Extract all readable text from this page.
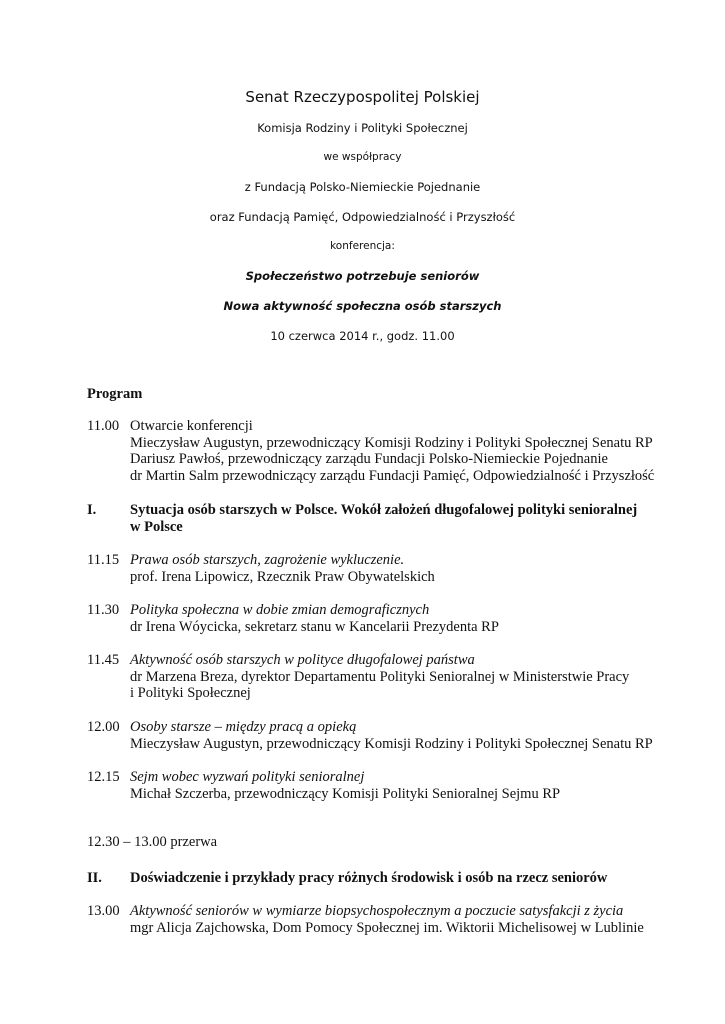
Senat Rzeczypospolitej Polskiej
Komisja Rodziny i Polityki Społecznej
we współpracy
z Fundacją Polsko-Niemieckie Pojednanie
oraz Fundacją Pamięć, Odpowiedzialność i Przyszłość
konferencja:
Społeczeństwo potrzebuje seniorów
Nowa aktywność społeczna osób starszych
10 czerwca 2014 r., godz. 11.00
Program
11.00 Otwarcie konferencji
Mieczysław Augustyn, przewodniczący Komisji Rodziny i Polityki Społecznej Senatu RP
Dariusz Pawłoś, przewodniczący zarządu Fundacji Polsko-Niemieckie Pojednanie
dr Martin Salm przewodniczący zarządu Fundacji Pamięć, Odpowiedzialność i Przyszłość
I. Sytuacja osób starszych w Polsce. Wokół założeń długofalowej polityki senioralnej
w Polsce
11.15 Prawa osób starszych, zagrożenie wykluczenie.
prof. Irena Lipowicz, Rzecznik Praw Obywatelskich
11.30 Polityka społeczna w dobie zmian demograficznych
dr Irena Wóycicka, sekretarz stanu w Kancelarii Prezydenta RP
11.45 Aktywność osób starszych w polityce długofalowej państwa
dr Marzena Breza, dyrektor Departamentu Polityki Senioralnej w Ministerstwie Pracy
i Polityki Społecznej
12.00 Osoby starsze – między pracą a opieką
Mieczysław Augustyn, przewodniczący Komisji Rodziny i Polityki Społecznej Senatu RP
12.15 Sejm wobec wyzwań polityki senioralnej
Michał Szczerba, przewodniczący Komisji Polityki Senioralnej Sejmu RP
12.30 – 13.00 przerwa
II. Doświadczenie i przykłady pracy różnych środowisk i osób na rzecz seniorów
13.00 Aktywność seniorów w wymiarze biopsychospołecznym a poczucie satysfakcji z życia
mgr Alicja Zajchowska, Dom Pomocy Społecznej im. Wiktorii Michelisowej w Lublinie
